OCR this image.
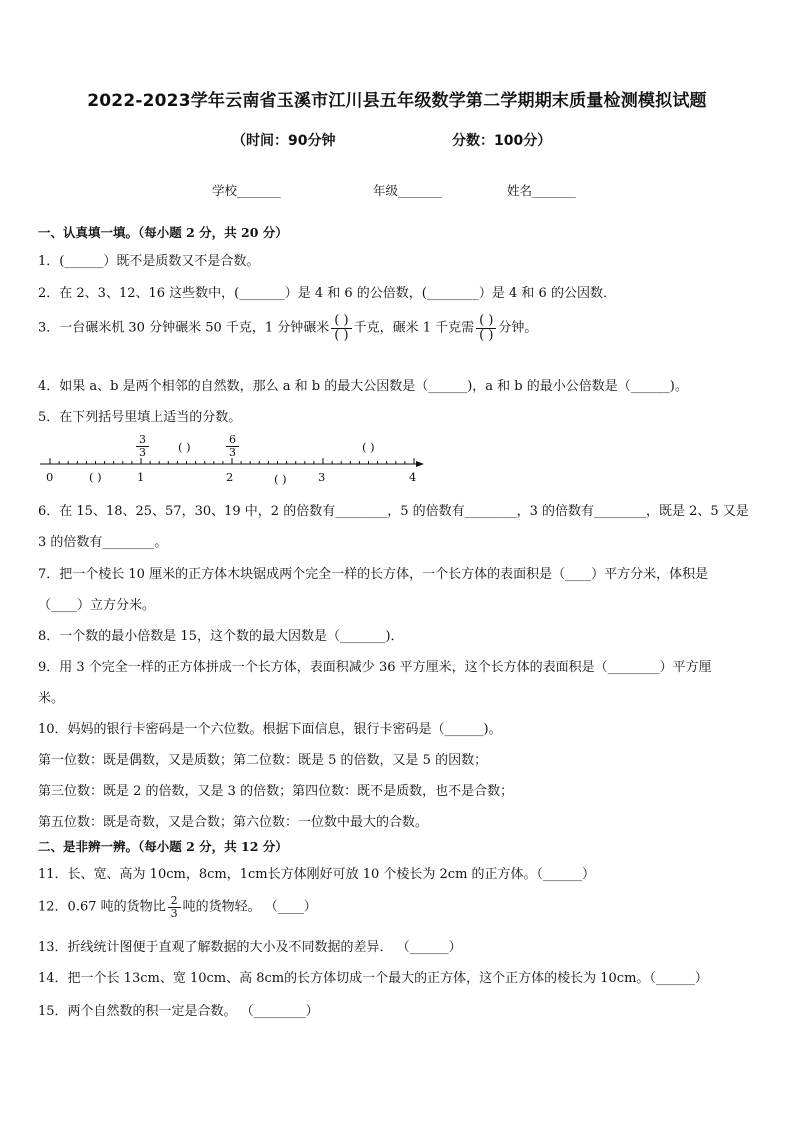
2022-2023学年云南省玉溪市江川县五年级数学第二学期期末质量检测模拟试题
（时间：90分钟	分数：100分）
学校_______	年级_______	姓名_______
一、认真填一填。（每小题 2 分，共 20 分）
1．(______）既不是质数又不是合数。
2．在 2、3、12、16 这些数中，(_______）是 4 和 6 的公倍数，(________）是 4 和 6 的公因数．
3．一台碾米机 30 分钟碾米 50 千克，1 分钟碾米 $\frac{( )}{( )}$ 千克，碾米 1 千克需 $\frac{( )}{( )}$ 分钟。
4．如果 a、b 是两个相邻的自然数，那么 a 和 b 的最大公因数是（______)，a 和 b 的最小公倍数是（______)。
5．在下列括号里填上适当的分数。
$\frac{3}{3}$	( )	$\frac{6}{3}$	( )
0	( )	1	2	( )	3	4
6．在 15、18、25、57，30、19 中，2 的倍数有________，5 的倍数有________，3 的倍数有________，既是 2、5 又是
3 的倍数有________。
7．把一个棱长 10 厘米的正方体木块锯成两个完全一样的长方体，一个长方体的表面积是（____）平方分米，体积是
（____）立方分米。
8．一个数的最小倍数是 15，这个数的最大因数是（_______)．
9．用 3 个完全一样的正方体拼成一个长方体，表面积减少 36 平方厘米，这个长方体的表面积是（________）平方厘
米。
10．妈妈的银行卡密码是一个六位数。根据下面信息，银行卡密码是（______)。
第一位数：既是偶数，又是质数；第二位数：既是 5 的倍数，又是 5 的因数；
第三位数：既是 2 的倍数，又是 3 的倍数；第四位数：既不是质数，也不是合数；
第五位数：既是奇数，又是合数；第六位数：一位数中最大的合数。
二、是非辨一辨。（每小题 2 分，共 12 分）
11．长、宽、高为 10cm，8cm，1cm长方体刚好可放 10 个棱长为 2cm 的正方体。（______）
12．0.67 吨的货物比 $\frac{2}{3}$ 吨的货物轻。 （____）
13．折线统计图便于直观了解数据的大小及不同数据的差异． （______）
14．把一个长 13cm、宽 10cm、高 8cm的长方体切成一个最大的正方体，这个正方体的棱长为 10cm。（______）
15．两个自然数的积一定是合数。 （________）
